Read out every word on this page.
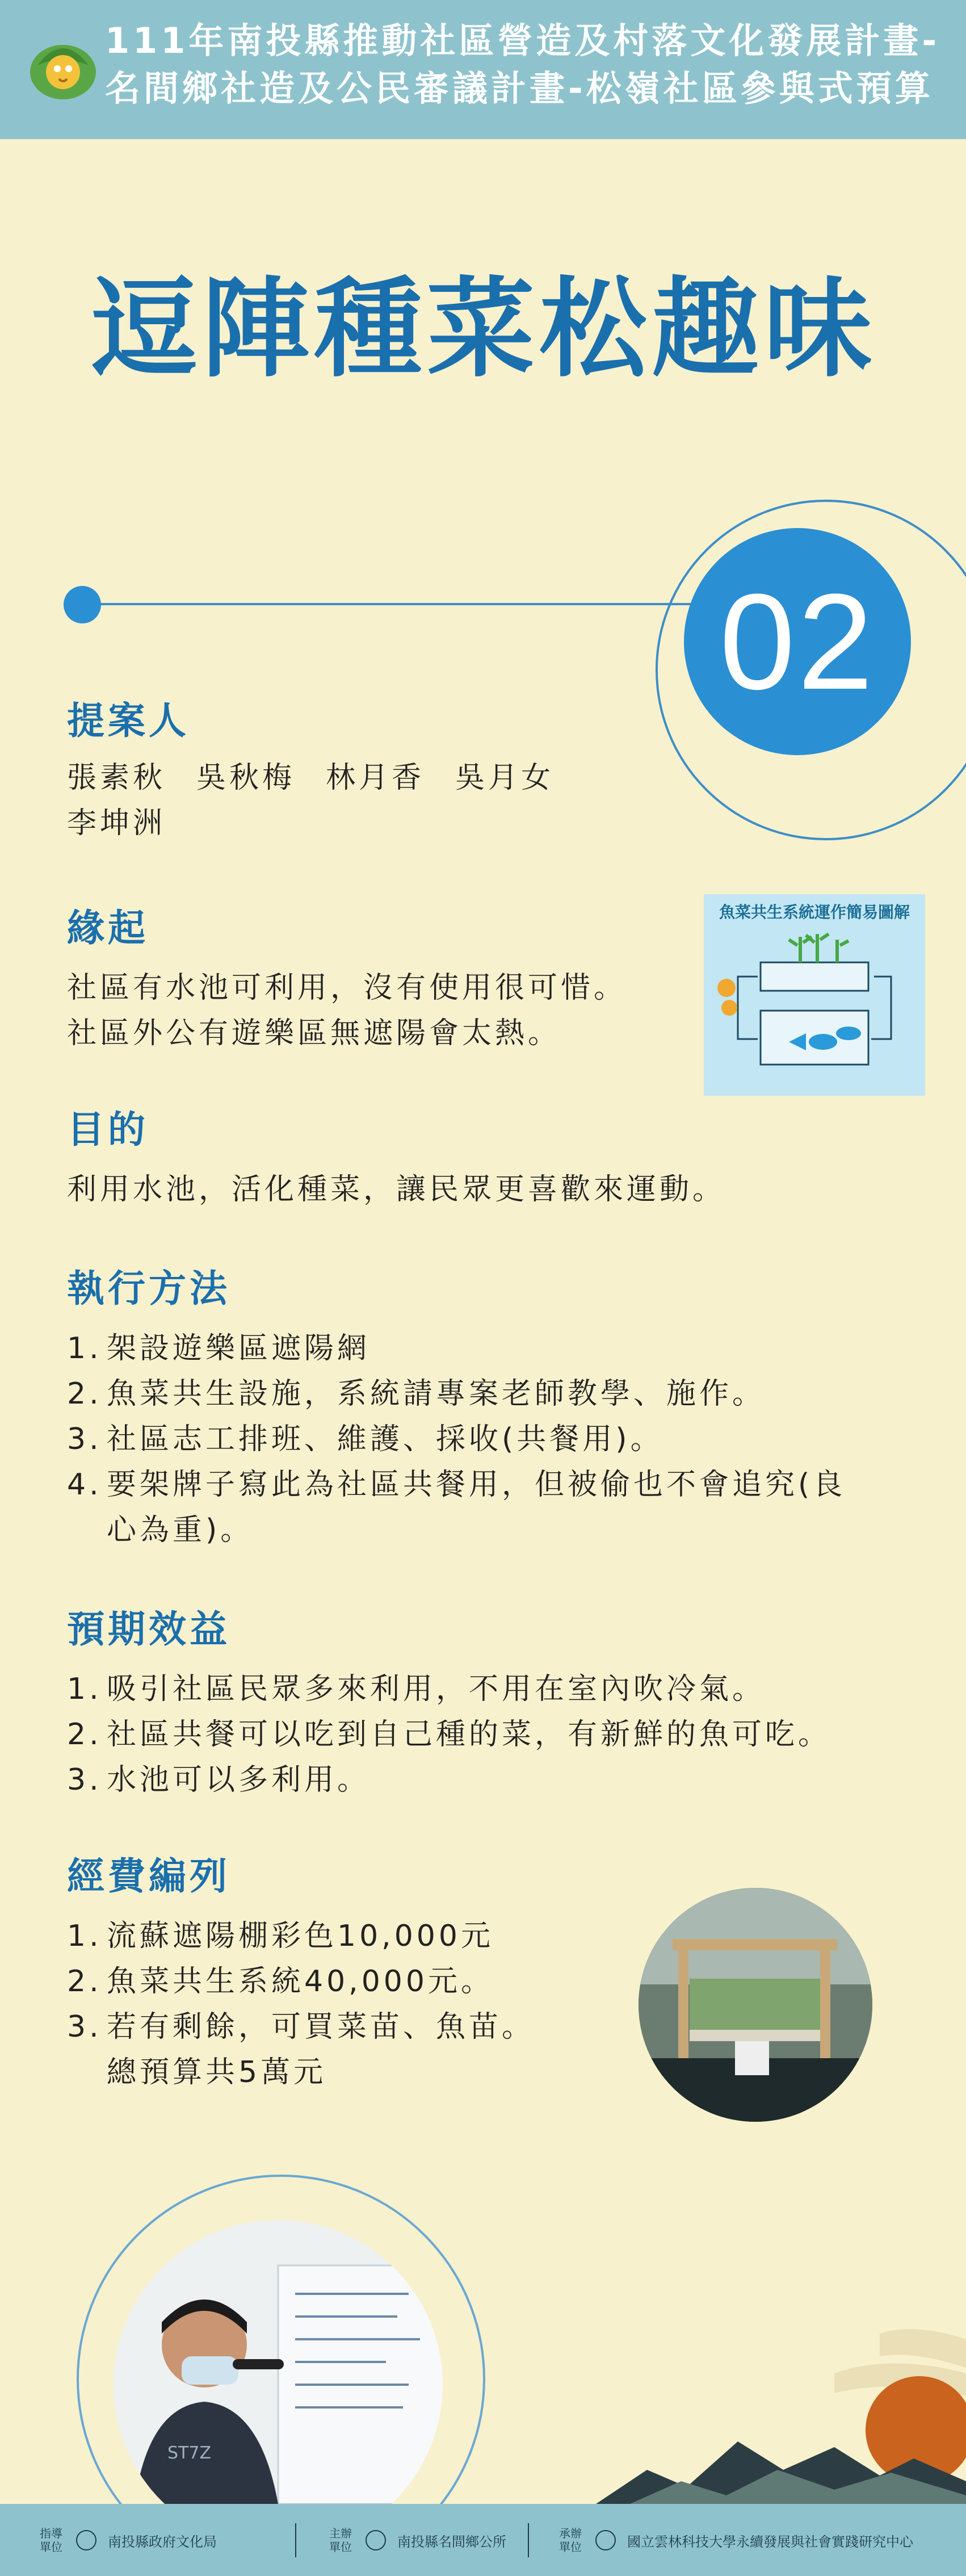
111年南投縣推動社區營造及村落文化發展計畫-
名間鄉社造及公民審議計畫-松嶺社區參與式預算
逗陣種菜松趣味
02
提案人
張素秋 吳秋梅 林月香 吳月女
李坤洲
緣起
社區有水池可利用，沒有使用很可惜。
社區外公有遊樂區無遮陽會太熱。
魚菜共生系統運作簡易圖解
目的
利用水池，活化種菜，讓民眾更喜歡來運動。
執行方法
1. 架設遊樂區遮陽網
2. 魚菜共生設施，系統請專案老師教學、施作。
3. 社區志工排班、維護、採收(共餐用)。
4. 要架牌子寫此為社區共餐用，但被偷也不會追究(良
心為重)。
預期效益
1. 吸引社區民眾多來利用，不用在室內吹冷氣。
2. 社區共餐可以吃到自己種的菜，有新鮮的魚可吃。
3. 水池可以多利用。
經費編列
1. 流蘇遮陽棚彩色10,000元
2. 魚菜共生系統40,000元。
3. 若有剩餘，可買菜苗、魚苗。
總預算共5萬元
ST7Z
指導單位	南投縣政府文化局
主辦單位	南投縣名間鄉公所
承辦單位	國立雲林科技大學永續發展與社會實踐研究中心
